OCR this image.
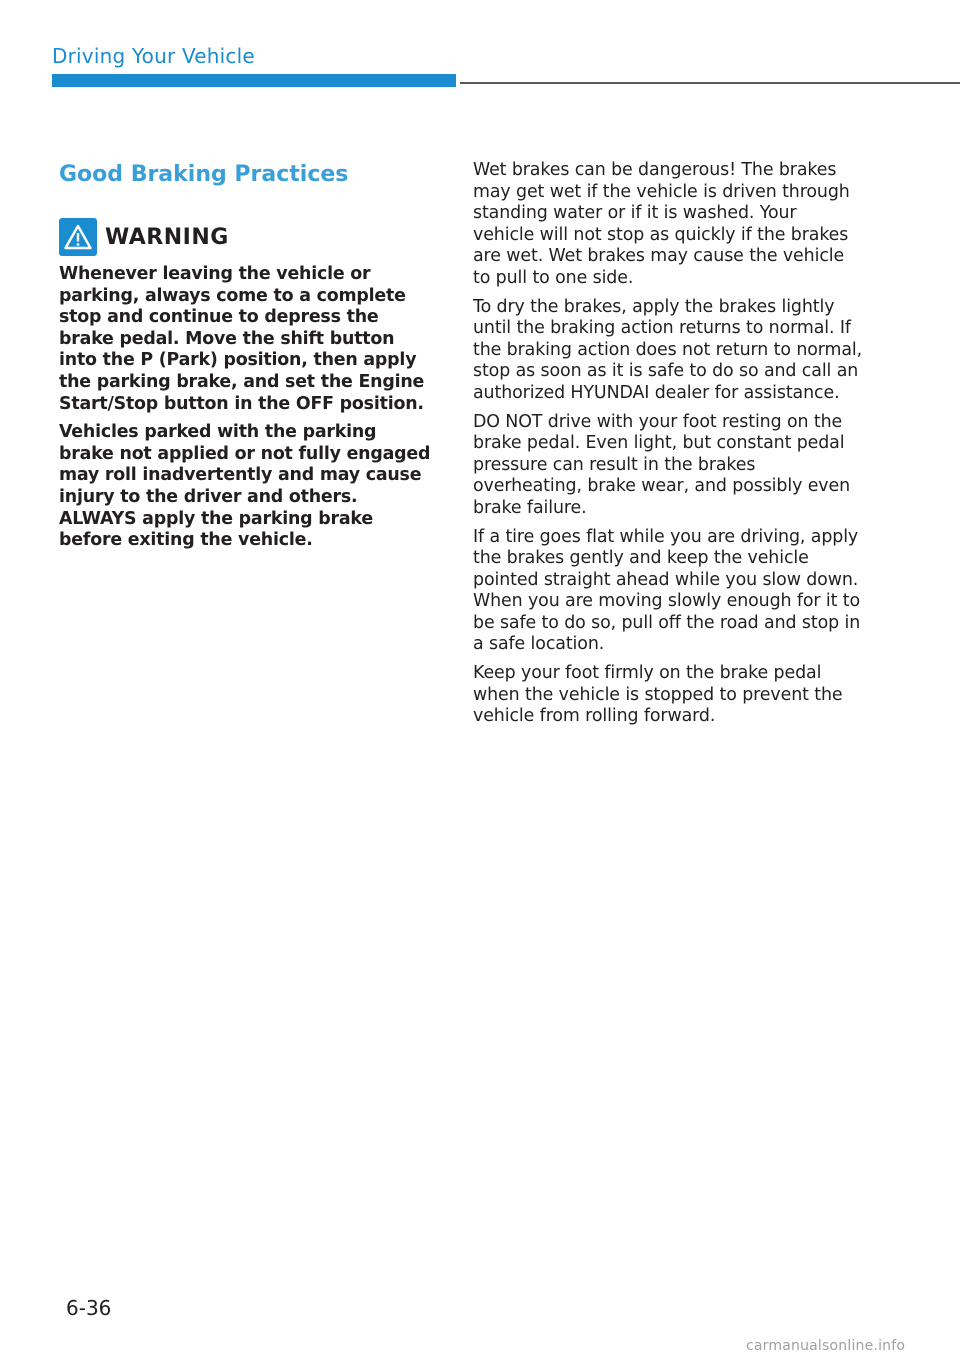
Driving Your Vehicle
Good Braking Practices
WARNING

Whenever leaving the vehicle or parking, always come to a complete stop and continue to depress the brake pedal. Move the shift button into the P (Park) position, then apply the parking brake, and set the Engine Start/Stop button in the OFF position.

Vehicles parked with the parking brake not applied or not fully engaged may roll inadvertently and may cause injury to the driver and others. ALWAYS apply the parking brake before exiting the vehicle.

Wet brakes can be dangerous! The brakes may get wet if the vehicle is driven through standing water or if it is washed. Your vehicle will not stop as quickly if the brakes are wet. Wet brakes may cause the vehicle to pull to one side.

To dry the brakes, apply the brakes lightly until the braking action returns to normal. If the braking action does not return to normal, stop as soon as it is safe to do so and call an authorized HYUNDAI dealer for assistance.

DO NOT drive with your foot resting on the brake pedal. Even light, but constant pedal pressure can result in the brakes overheating, brake wear, and possibly even brake failure.

If a tire goes flat while you are driving, apply the brakes gently and keep the vehicle pointed straight ahead while you slow down. When you are moving slowly enough for it to be safe to do so, pull off the road and stop in a safe location.

Keep your foot firmly on the brake pedal when the vehicle is stopped to prevent the vehicle from rolling forward.

6-36
carmanualsonline.info
